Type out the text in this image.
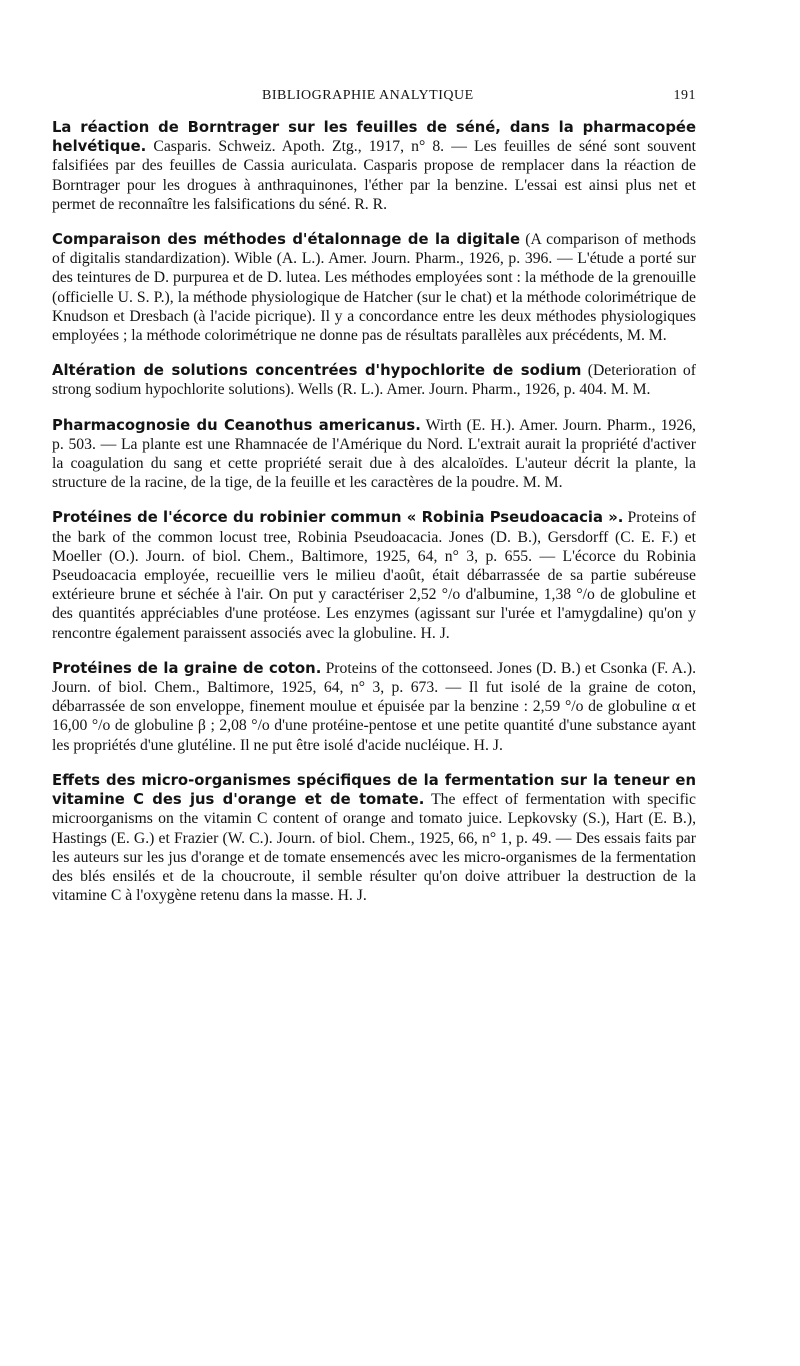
BIBLIOGRAPHIE ANALYTIQUE	191
La réaction de Borntrager sur les feuilles de séné, dans la pharmacopée helvétique. Casparis. Schweiz. Apoth. Ztg., 1917, n° 8. — Les feuilles de séné sont souvent falsifiées par des feuilles de Cassia auriculata. Casparis propose de remplacer dans la réaction de Borntrager pour les drogues à anthraquinones, l'éther par la benzine. L'essai est ainsi plus net et permet de reconnaître les falsifications du séné. R. R.
Comparaison des méthodes d'étalonnage de la digitale (A comparison of methods of digitalis standardization). Wible (A. L.). Amer. Journ. Pharm., 1926, p. 396. — L'étude a porté sur des teintures de D. purpurea et de D. lutea. Les méthodes employées sont : la méthode de la grenouille (officielle U. S. P.), la méthode physiologique de Hatcher (sur le chat) et la méthode colorimétrique de Knudson et Dresbach (à l'acide picrique). Il y a concordance entre les deux méthodes physiologiques employées ; la méthode colorimétrique ne donne pas de résultats parallèles aux précédents, M. M.
Altération de solutions concentrées d'hypochlorite de sodium (Deterioration of strong sodium hypochlorite solutions). Wells (R. L.). Amer. Journ. Pharm., 1926, p. 404. M. M.
Pharmacognosie du Ceanothus americanus. Wirth (E. H.). Amer. Journ. Pharm., 1926, p. 503. — La plante est une Rhamnacée de l'Amérique du Nord. L'extrait aurait la propriété d'activer la coagulation du sang et cette propriété serait due à des alcaloïdes. L'auteur décrit la plante, la structure de la racine, de la tige, de la feuille et les caractères de la poudre. M. M.
Protéines de l'écorce du robinier commun « Robinia Pseudoacacia ». Proteins of the bark of the common locust tree, Robinia Pseudoacacia. Jones (D. B.), Gersdorff (C. E. F.) et Moeller (O.). Journ. of biol. Chem., Baltimore, 1925, 64, n° 3, p. 655. — L'écorce du Robinia Pseudoacacia employée, recueillie vers le milieu d'août, était débarrassée de sa partie subéreuse extérieure brune et séchée à l'air. On put y caractériser 2,52 °/o d'albumine, 1,38 °/o de globuline et des quantités appréciables d'une protéose. Les enzymes (agissant sur l'urée et l'amygdaline) qu'on y rencontre également paraissent associés avec la globuline. H. J.
Protéines de la graine de coton. Proteins of the cottonseed. Jones (D. B.) et Csonka (F. A.). Journ. of biol. Chem., Baltimore, 1925, 64, n° 3, p. 673. — Il fut isolé de la graine de coton, débarrassée de son enveloppe, finement moulue et épuisée par la benzine : 2,59 °/o de globuline α et 16,00 °/o de globuline β ; 2,08 °/o d'une protéine-pentose et une petite quantité d'une substance ayant les propriétés d'une glutéline. Il ne put être isolé d'acide nucléique. H. J.
Effets des micro-organismes spécifiques de la fermentation sur la teneur en vitamine C des jus d'orange et de tomate. The effect of fermentation with specific microorganisms on the vitamin C content of orange and tomato juice. Lepkovsky (S.), Hart (E. B.), Hastings (E. G.) et Frazier (W. C.). Journ. of biol. Chem., 1925, 66, n° 1, p. 49. — Des essais faits par les auteurs sur les jus d'orange et de tomate ensemencés avec les micro-organismes de la fermentation des blés ensilés et de la choucroute, il semble résulter qu'on doive attribuer la destruction de la vitamine C à l'oxygène retenu dans la masse. H. J.
